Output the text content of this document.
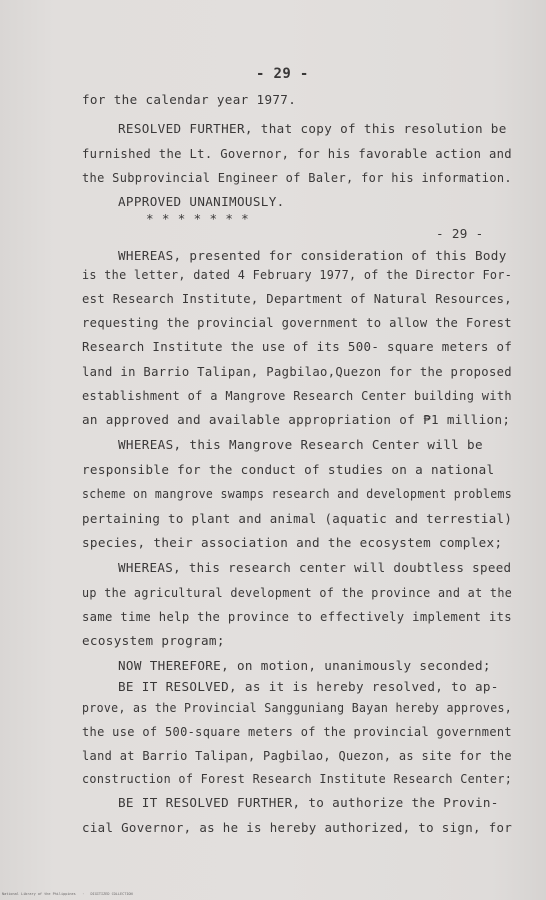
- 29 -
for the calendar year 1977.
RESOLVED FURTHER, that copy of this resolution be
furnished the Lt. Governor, for his favorable action and
the Subprovincial Engineer of Baler, for his information.
APPROVED UNANIMOUSLY.
* * * * * * *
- 29 -
WHEREAS, presented for consideration of this Body
is the letter, dated 4 February 1977, of the Director For-
est Research Institute, Department of Natural Resources,
requesting the provincial government to allow the Forest
Research Institute the use of its 500- square meters of
land in Barrio Talipan, Pagbilao,Quezon for the proposed
establishment of a Mangrove Research Center building with
an approved and available appropriation of ₱1 million;
WHEREAS, this Mangrove Research Center will be
responsible for the conduct of studies on a national
scheme on mangrove swamps research and development problems
pertaining to plant and animal (aquatic and terrestial)
species, their association and the ecosystem complex;
WHEREAS, this research center will doubtless speed
up the agricultural development of the province and at the
same time help the province to effectively implement its
ecosystem program;
NOW THEREFORE, on motion, unanimously seconded;
BE IT RESOLVED, as it is hereby resolved, to ap-
prove, as the Provincial Sangguniang Bayan hereby approves,
the use of 500-square meters of the provincial government
land at Barrio Talipan, Pagbilao, Quezon, as site for the
construction of Forest Research Institute Research Center;
BE IT RESOLVED FURTHER, to authorize the Provin-
cial Governor, as he is hereby authorized, to sign, for
National Library of the Philippines   ·   DIGITIZED COLLECTION
